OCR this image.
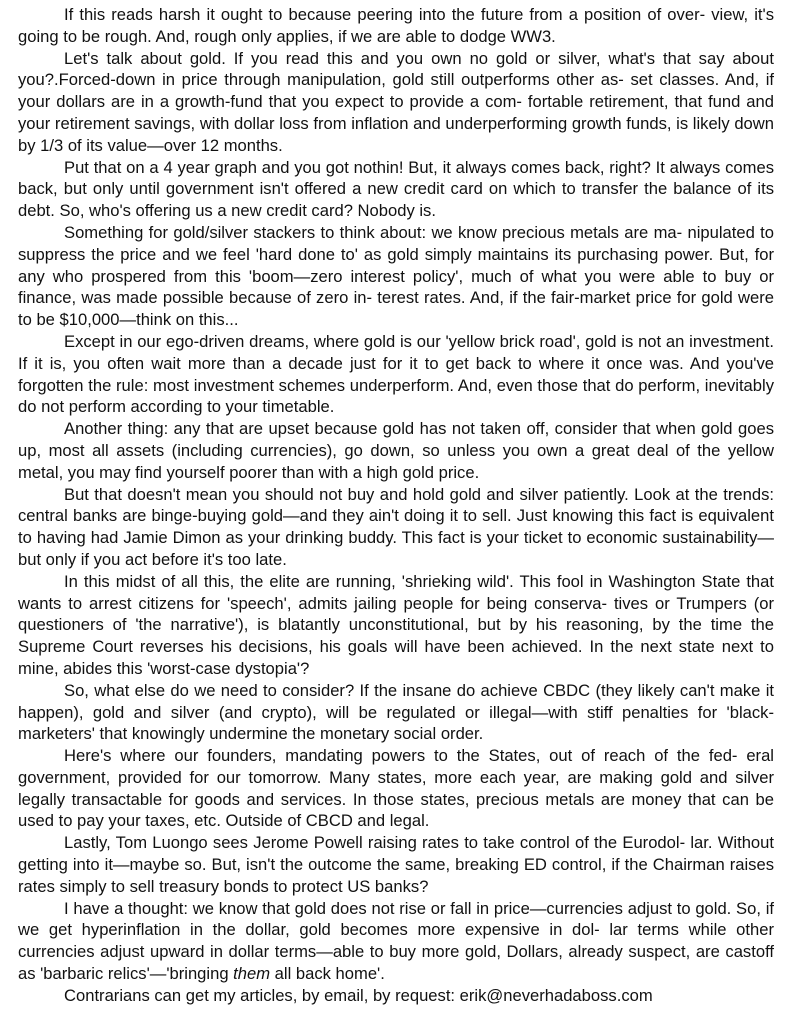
If this reads harsh it ought to because peering into the future from a position of over- view, it's going to be rough. And, rough only applies, if we are able to dodge WW3.

Let's talk about gold. If you read this and you own no gold or silver, what's that say about you?.Forced-down in price through manipulation, gold still outperforms other as- set classes. And, if your dollars are in a growth-fund that you expect to provide a com- fortable retirement, that fund and your retirement savings, with dollar loss from inflation and underperforming growth funds, is likely down by 1/3 of its value—over 12 months.

Put that on a 4 year graph and you got nothin! But, it always comes back, right? It always comes back, but only until government isn't offered a new credit card on which to transfer the balance of its debt. So, who's offering us a new credit card? Nobody is.

Something for gold/silver stackers to think about: we know precious metals are ma- nipulated to suppress the price and we feel 'hard done to' as gold simply maintains its purchasing power. But, for any who prospered from this 'boom—zero interest policy', much of what you were able to buy or finance, was made possible because of zero in- terest rates. And, if the fair-market price for gold were to be $10,000—think on this...

Except in our ego-driven dreams, where gold is our 'yellow brick road', gold is not an investment. If it is, you often wait more than a decade just for it to get back to where it once was. And you've forgotten the rule: most investment schemes underperform. And, even those that do perform, inevitably do not perform according to your timetable.

Another thing: any that are upset because gold has not taken off, consider that when gold goes up, most all assets (including currencies), go down, so unless you own a great deal of the yellow metal, you may find yourself poorer than with a high gold price.

But that doesn't mean you should not buy and hold gold and silver patiently. Look at the trends: central banks are binge-buying gold—and they ain't doing it to sell. Just knowing this fact is equivalent to having had Jamie Dimon as your drinking buddy. This fact is your ticket to economic sustainability—but only if you act before it's too late.

In this midst of all this, the elite are running, 'shrieking wild'. This fool in Washington State that wants to arrest citizens for 'speech', admits jailing people for being conserva- tives or Trumpers (or questioners of 'the narrative'), is blatantly unconstitutional, but by his reasoning, by the time the Supreme Court reverses his decisions, his goals will have been achieved. In the next state next to mine, abides this 'worst-case dystopia'?

So, what else do we need to consider? If the insane do achieve CBDC (they likely can't make it happen), gold and silver (and crypto), will be regulated or illegal—with stiff penalties for 'black-marketers' that knowingly undermine the monetary social order.

Here's where our founders, mandating powers to the States, out of reach of the fed- eral government, provided for our tomorrow. Many states, more each year, are making gold and silver legally transactable for goods and services. In those states, precious metals are money that can be used to pay your taxes, etc. Outside of CBCD and legal.

Lastly, Tom Luongo sees Jerome Powell raising rates to take control of the Eurodol- lar. Without getting into it—maybe so. But, isn't the outcome the same, breaking ED control, if the Chairman raises rates simply to sell treasury bonds to protect US banks?

I have a thought: we know that gold does not rise or fall in price—currencies adjust to gold. So, if we get hyperinflation in the dollar, gold becomes more expensive in dol- lar terms while other currencies adjust upward in dollar terms—able to buy more gold, Dollars, already suspect, are castoff as 'barbaric relics'—'bringing them all back home'.

Contrarians can get my articles, by email, by request: erik@neverhadaboss.com
